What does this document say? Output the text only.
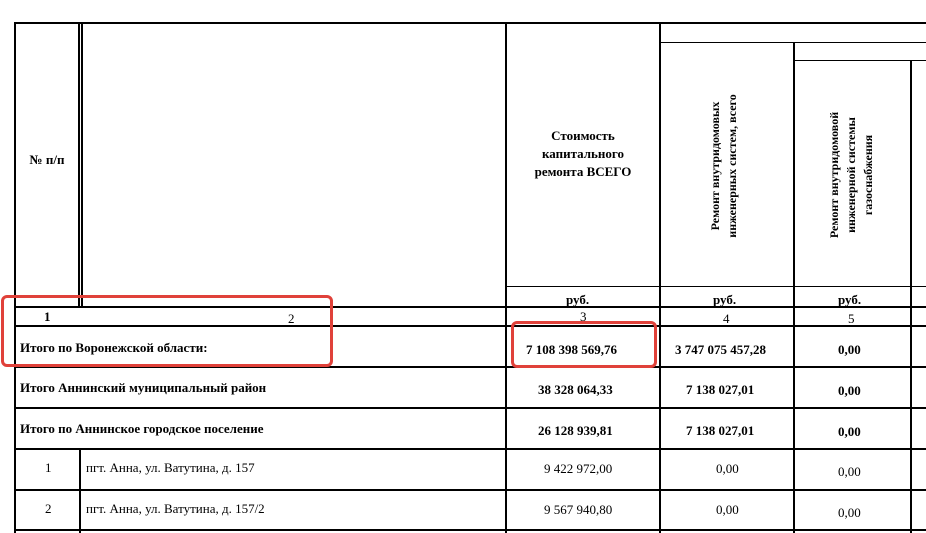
№ п/п
Стоимость капитального ремонта ВСЕГО	Ремонт внутридомовых инженерных систем, всего	Ремонт внутридомовой инженерной системы газоснабжения
руб.	руб.	руб.
1	2	3	4	5
Итого по Воронежской области:	7 108 398 569,76	3 747 075 457,28	0,00
Итого Аннинский муниципальный район	38 328 064,33	7 138 027,01	0,00
Итого по Аннинское городское поселение	26 128 939,81	7 138 027,01	0,00
1	пгт. Анна, ул. Ватутина, д. 157	9 422 972,00	0,00	0,00
2	пгт. Анна, ул. Ватутина, д. 157/2	9 567 940,80	0,00	0,00
